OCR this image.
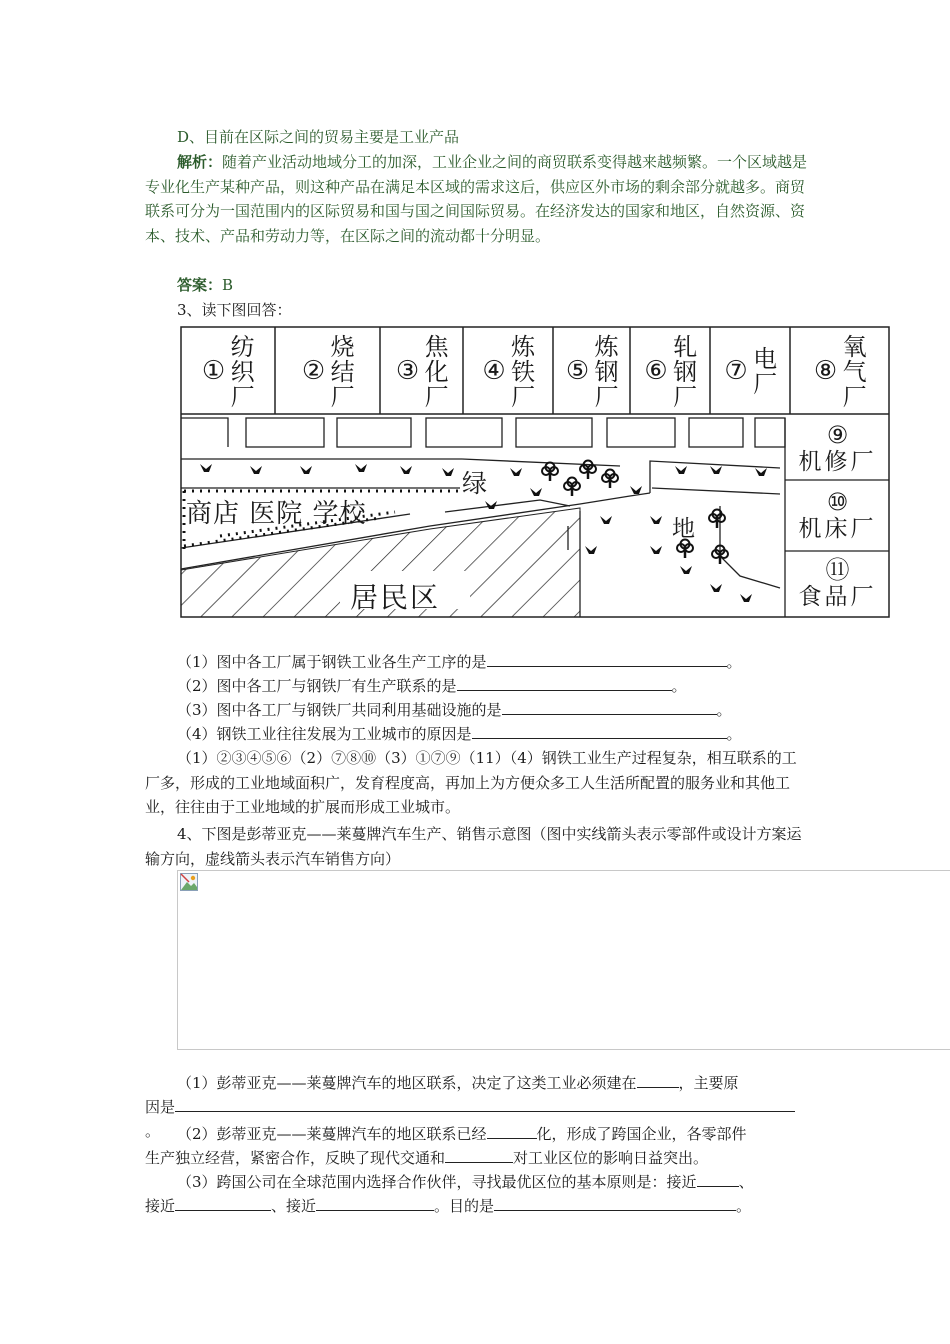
D、目前在区际之间的贸易主要是工业产品

解析：随着产业活动地域分工的加深，工业企业之间的商贸联系变得越来越频繁。一个区域越是专业化生产某种产品，则这种产品在满足本区域的需求这后，供应区外市场的剩余部分就越多。商贸联系可分为一国范围内的区际贸易和国与国之间国际贸易。在经济发达的国家和地区，自然资源、资本、技术、产品和劳动力等，在区际之间的流动都十分明显。

答案：B

3、读下图回答：

① 纺织厂 ② 烧结厂 ③ 焦化厂 ④ 炼铁厂 ⑤ 炼钢厂 ⑥ 轧钢厂 ⑦ 电厂 ⑧ 氧气厂
⑨
机修厂
⑩
机床厂
⑪
食品厂
绿
地
商店 医院 学校
居民区

（1）图中各工厂属于钢铁工业各生产工序的是	。

（2）图中各工厂与钢铁厂有生产联系的是	。

（3）图中各工厂与钢铁厂共同利用基础设施的是	。

（4）钢铁工业往往发展为工业城市的原因是	。

（1）②③④⑤⑥（2）⑦⑧⑩（3）①⑦⑨（11）（4）钢铁工业生产过程复杂，相互联系的工厂多，形成的工业地域面积广，发育程度高，再加上为方便众多工人生活所配置的服务业和其他工业，往往由于工业地域的扩展而形成工业城市。

4、下图是彭蒂亚克——莱蔓牌汽车生产、销售示意图（图中实线箭头表示零部件或设计方案运输方向，虚线箭头表示汽车销售方向）

（1）彭蒂亚克——莱蔓牌汽车的地区联系，决定了这类工业必须建在	，主要原

因是。	（2）彭蒂亚克——莱蔓牌汽车的地区联系已经	化，形成了跨国企业，各零部件

生产独立经营，紧密合作，反映了现代交通和	对工业区位的影响日益突出。

（3）跨国公司在全球范围内选择合作伙伴，寻找最优区位的基本原则是：接近	、

接近	、接近	。目的是	。
